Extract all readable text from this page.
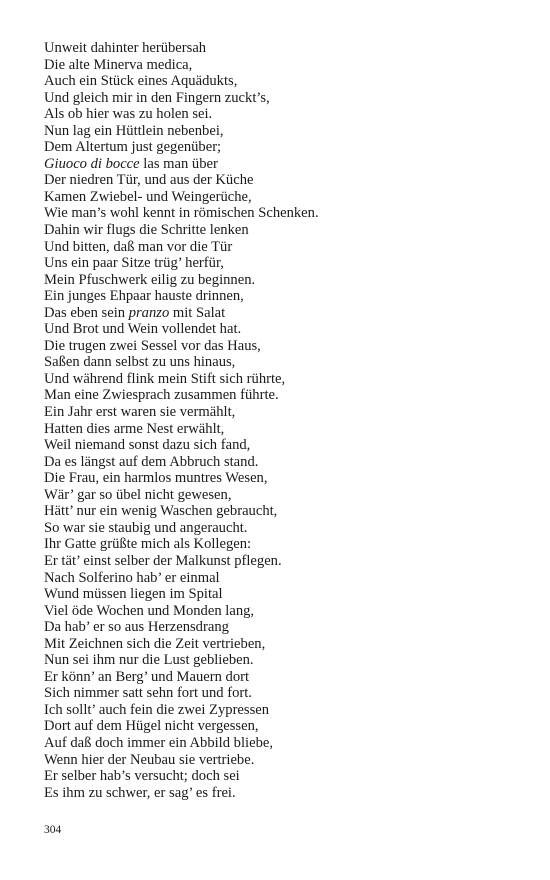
Unweit dahinter herübersah
Die alte Minerva medica,
Auch ein Stück eines Aquädukts,
Und gleich mir in den Fingern zuckt’s,
Als ob hier was zu holen sei.
Nun lag ein Hüttlein nebenbei,
Dem Altertum just gegenüber;
Giuoco di bocce las man über
Der niedren Tür, und aus der Küche
Kamen Zwiebel- und Weingerüche,
Wie man’s wohl kennt in römischen Schenken.
Dahin wir flugs die Schritte lenken
Und bitten, daß man vor die Tür
Uns ein paar Sitze trüg’ herfür,
Mein Pfuschwerk eilig zu beginnen.
Ein junges Ehpaar hauste drinnen,
Das eben sein pranzo mit Salat
Und Brot und Wein vollendet hat.
Die trugen zwei Sessel vor das Haus,
Saßen dann selbst zu uns hinaus,
Und während flink mein Stift sich rührte,
Man eine Zwiesprach zusammen führte.
Ein Jahr erst waren sie vermählt,
Hatten dies arme Nest erwählt,
Weil niemand sonst dazu sich fand,
Da es längst auf dem Abbruch stand.
Die Frau, ein harmlos muntres Wesen,
Wär’ gar so übel nicht gewesen,
Hätt’ nur ein wenig Waschen gebraucht,
So war sie staubig und angeraucht.
Ihr Gatte grüßte mich als Kollegen:
Er tät’ einst selber der Malkunst pflegen.
Nach Solferino hab’ er einmal
Wund müssen liegen im Spital
Viel öde Wochen und Monden lang,
Da hab’ er so aus Herzensdrang
Mit Zeichnen sich die Zeit vertrieben,
Nun sei ihm nur die Lust geblieben.
Er könn’ an Berg’ und Mauern dort
Sich nimmer satt sehn fort und fort.
Ich sollt’ auch fein die zwei Zypressen
Dort auf dem Hügel nicht vergessen,
Auf daß doch immer ein Abbild bliebe,
Wenn hier der Neubau sie vertriebe.
Er selber hab’s versucht; doch sei
Es ihm zu schwer, er sag’ es frei.
304
